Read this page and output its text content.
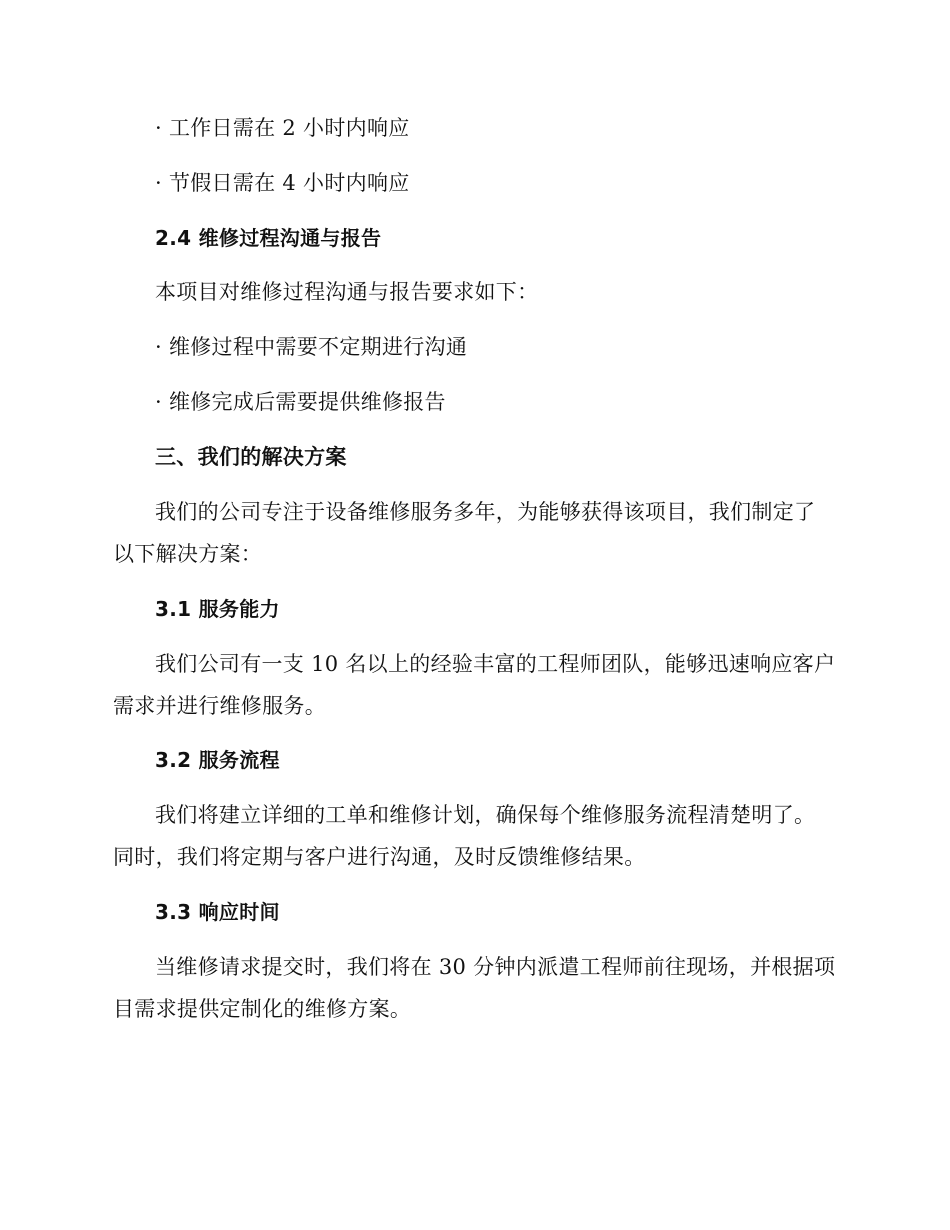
· 工作日需在 2 小时内响应
· 节假日需在 4 小时内响应
2.4 维修过程沟通与报告
本项目对维修过程沟通与报告要求如下：
· 维修过程中需要不定期进行沟通
· 维修完成后需要提供维修报告
三、我们的解决方案
我们的公司专注于设备维修服务多年，为能够获得该项目，我们制定了
以下解决方案：
3.1 服务能力
我们公司有一支 10 名以上的经验丰富的工程师团队，能够迅速响应客户
需求并进行维修服务。
3.2 服务流程
我们将建立详细的工单和维修计划，确保每个维修服务流程清楚明了。
同时，我们将定期与客户进行沟通，及时反馈维修结果。
3.3 响应时间
当维修请求提交时，我们将在 30 分钟内派遣工程师前往现场，并根据项
目需求提供定制化的维修方案。
